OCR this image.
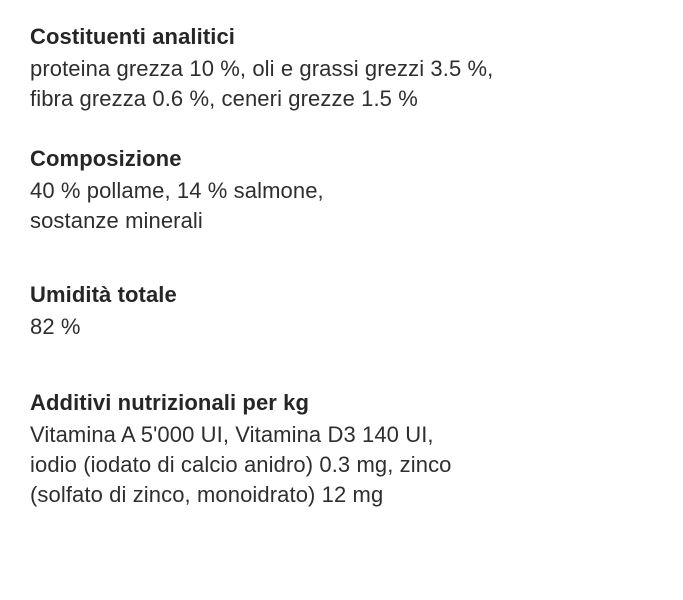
Costituenti analitici
proteina grezza 10 %, oli e grassi grezzi 3.5 %,
fibra grezza 0.6 %, ceneri grezze 1.5 %
Composizione
40 % pollame, 14 % salmone,
sostanze minerali
Umidità totale
82 %
Additivi nutrizionali per kg
Vitamina A 5'000 UI, Vitamina D3 140 UI,
iodio (iodato di calcio anidro) 0.3 mg, zinco
(solfato di zinco, monoidrato) 12 mg
